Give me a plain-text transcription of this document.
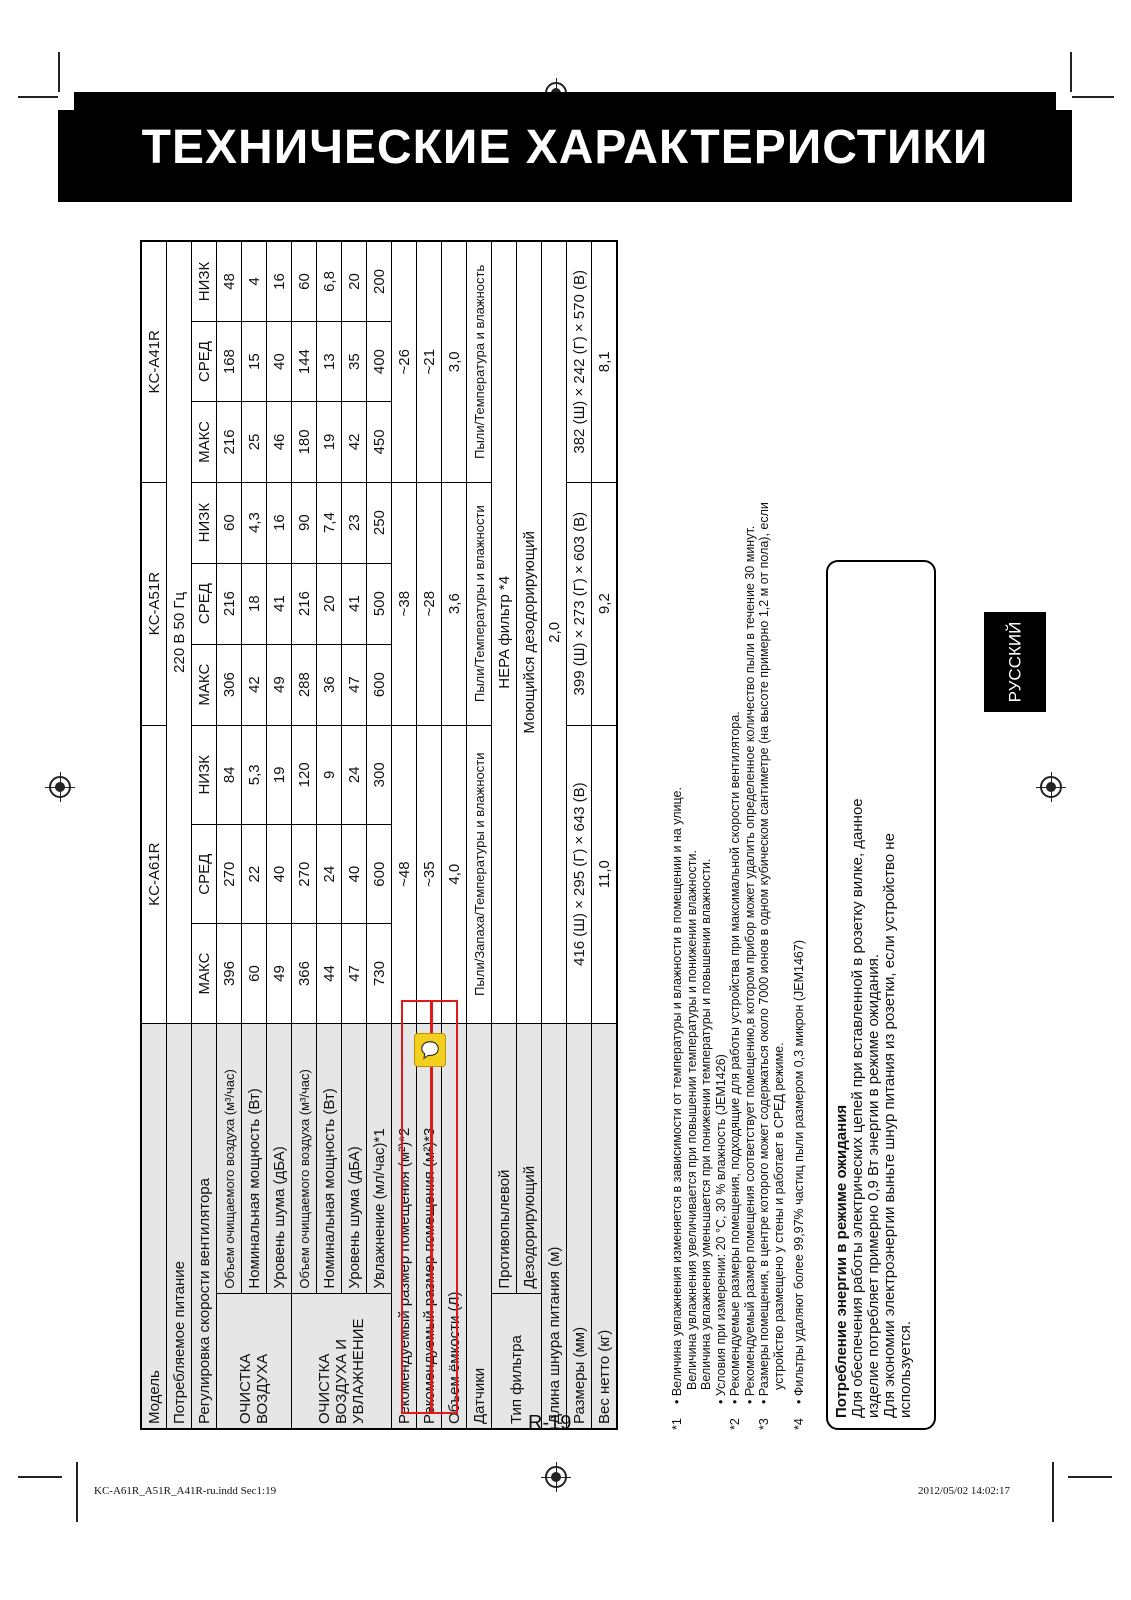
ТЕХНИЧЕСКИЕ ХАРАКТЕРИСТИКИ
Модель		KC-A61R			KC-A51R			KC-A41R		
Потребляемое питание		220 В 50 Гц								
Регулировка скорости вентилятора		МАКС	СРЕД	НИЗК	МАКС	СРЕД	НИЗК	МАКС	СРЕД	НИЗК
ОЧИСТКА ВОЗДУХА	Объем очищаемого воздуха (м³/час)	396	270	84	306	216	60	216	168	48
	Номинальная мощность (Вт)	60	22	5,3	42	18	4,3	25	15	4
	Уровень шума (дБА)	49	40	19	49	41	16	46	40	16
ОЧИСТКА ВОЗДУХА И УВЛАЖНЕНИЕ	Объем очищаемого воздуха (м³/час)	366	270	120	288	216	90	180	144	60
	Номинальная мощность (Вт)	44	24	9	36	20	7,4	19	13	6,8
	Уровень шума (дБА)	47	40	24	47	41	23	42	35	20
	Увлажнение (мл/час)*1	730	600	300	600	500	250	450	400	200
Рекомендуемый размер помещения (м²)*2		~48			~38			~26		
Рекомендуемый размер помещения (м²)*3		~35			~28			~21		
Объем ёмкости (Л)		4,0			3,6			3,0		
Датчики		Пыли/Запаха/Температуры и влажности			Пыли/Температуры и влажности			Пыли/Температура и влажность		
Тип фильтра	Противопылевой	HEPA фильтр *4								
	Дезодорирующий	Моющийся дезодорирующий								
Длина шнура питания (м)		2,0								
Размеры (мм)		416 (Ш) × 295 (Г) × 643 (В)			399 (Ш) × 273 (Г) × 603 (В)			382 (Ш) × 242 (Г) × 570 (В)		
Вес нетто (кг)		11,0			9,2			8,1		
*1
• Величина увлажнения изменяется в зависимости от температуры и влажности в помещении и на улице. Величина увлажнения увеличивается при повышении температуры и понижении влажности. Величина увлажнения уменьшается при понижении температуры и повышении влажности. • Условия при измерении: 20 °C, 30 % влажность (JEM1426)
*2
• Рекомендуемые размеры помещения, подходящие для работы устройства при максимальной скорости вентилятора. • Рекомендуемый размер помещения соответствует помещению,в котором прибор может удалить определенное количество пыли в течение 30 минут.
*3
• Размеры помещения, в центре которого может содержаться около 7000 ионов в одном кубическом сантиметре (на высоте примерно 1,2 м от пола), если устройство размещено у стены и работает в СРЕД режиме.
*4
• Фильтры удаляют более 99,97% частиц пыли размером 0,3 микрон (JEM1467) Потребление энергии в режиме ожидания Для обеспечения работы электрических цепей при вставленной в розетку вилке, данное изделие потребляет примерно 0,9 Вт энергии в режиме ожидания. Для экономии электроэнергии выньте шнур питания из розетки, если устройство не используется.
РУССКИЙ
R-19
KC-A61R_A51R_A41R-ru.indd Sec1:19	2012/05/02 14:02:17
